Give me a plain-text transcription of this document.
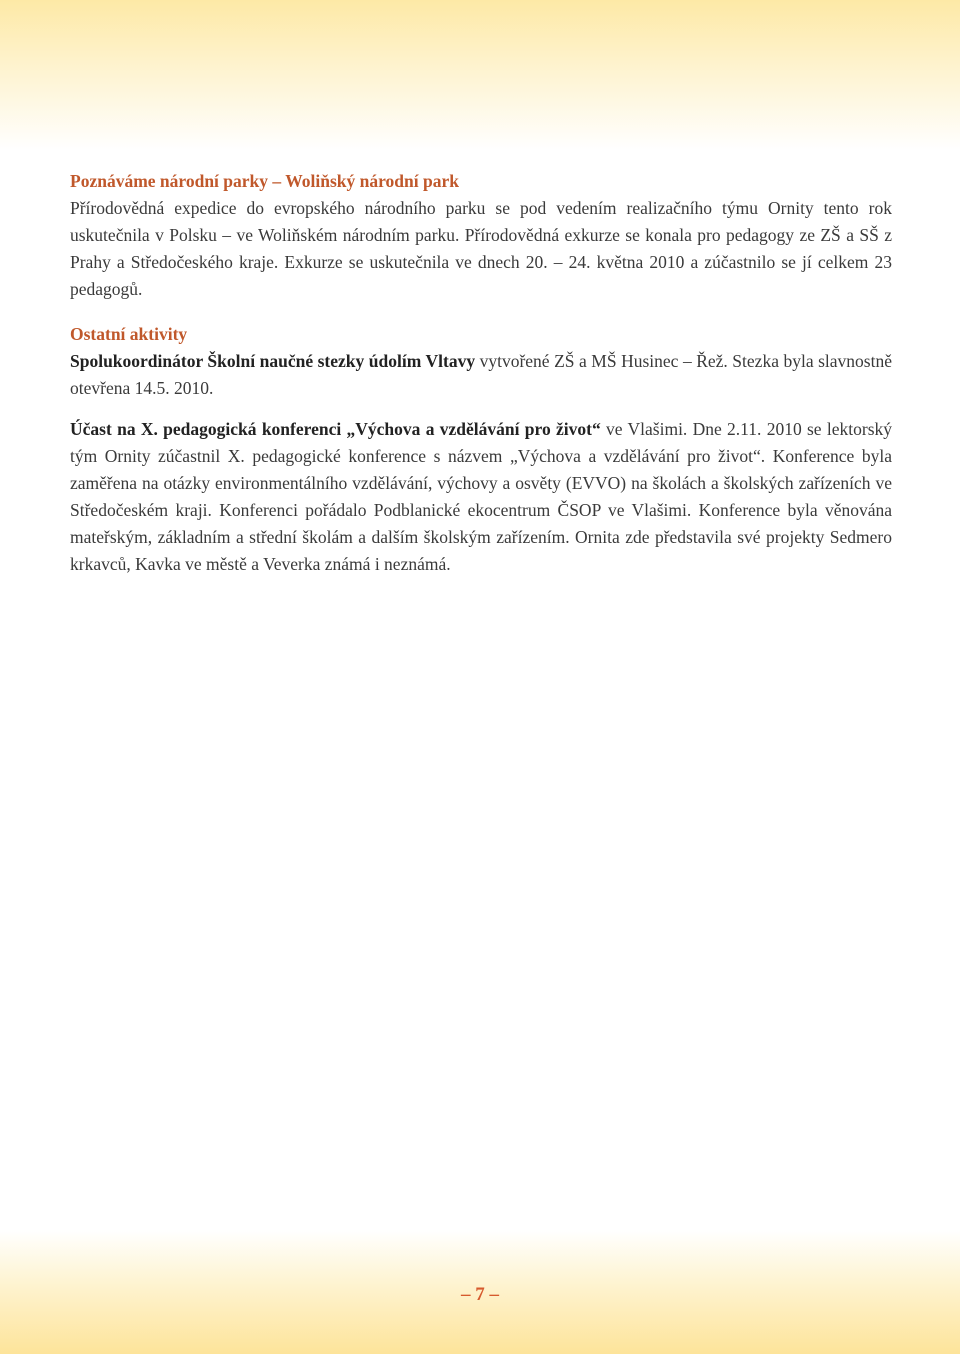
Poznáváme národní parky – Woliňský národní park

Přírodovědná expedice do evropského národního parku se pod vedením realizačního týmu Ornity tento rok uskutečnila v Polsku – ve Woliňském národním parku. Přírodovědná exkurze se konala pro pedagogy ze ZŠ a SŠ z Prahy a Středočeského kraje. Exkurze se uskutečnila ve dnech 20. – 24. května 2010 a zúčastnilo se jí celkem 23 pedagogů.

Ostatní aktivity

Spolukoordinátor Školní naučné stezky údolím Vltavy vytvořené ZŠ a MŠ Husinec – Řež. Stezka byla slavnostně otevřena 14.5. 2010.

Účast na X. pedagogická konferenci „Výchova a vzdělávání pro život“ ve Vlašimi. Dne 2.11. 2010 se lektorský tým Ornity zúčastnil X. pedagogické konference s názvem „Výchova a vzdělávání pro život“. Konference byla zaměřena na otázky environmentálního vzdělávání, výchovy a osvěty (EVVO) na školách a školských zařízeních ve Středočeském kraji. Konferenci pořádalo Podblanické ekocentrum ČSOP ve Vlašimi. Konference byla věnována mateřským, základním a střední školám a dalším školským zařízením. Ornita zde představila své projekty Sedmero krkavců, Kavka ve městě a Veverka známá i neznámá.

– 7 –
